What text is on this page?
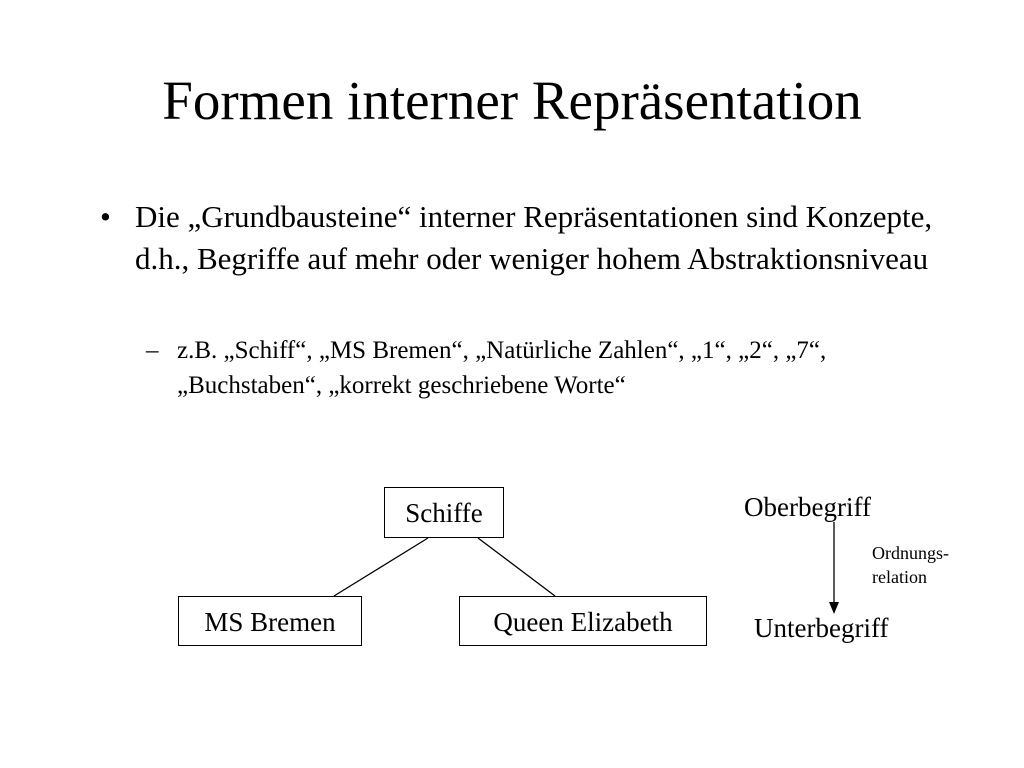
Formen interner Repräsentation
• Die „Grundbausteine“ interner Repräsentationen sind Konzepte, d.h., Begriffe auf mehr oder weniger hohem Abstraktionsniveau
– z.B. „Schiff“, „MS Bremen“, „Natürliche Zahlen“, „1“, „2“, „7“, „Buchstaben“, „korrekt geschriebene Worte“
Schiffe
MS Bremen	Queen Elizabeth
Oberbegriff
Ordnungs-
relation
Unterbegriff
